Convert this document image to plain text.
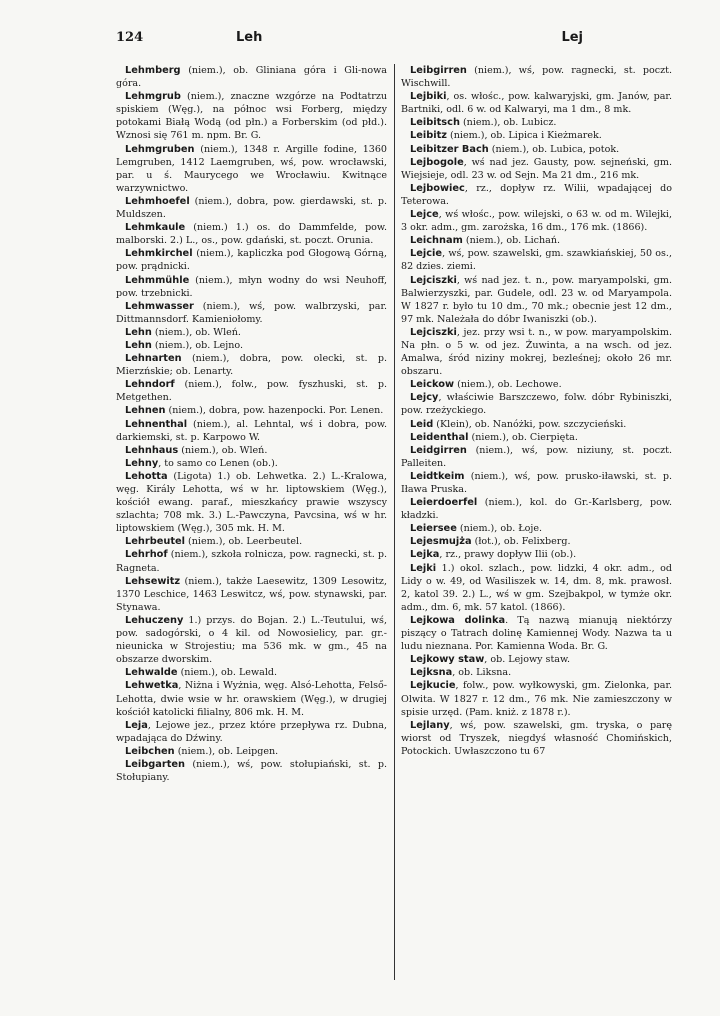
124	Leh	Lej

Lehmberg (niem.), ob. Gliniana góra i Gli-nowa góra.

Lehmgrub (niem.), znaczne wzgórze na Podtatrzu spiskiem (Węg.), na północ wsi Forberg, między potokami Białą Wodą (od płn.) a Forberskim (od płd.). Wznosi się 761 m. npm. Br. G.

Lehmgruben (niem.), 1348 r. Argille fodine, 1360 Lemgruben, 1412 Laemgruben, wś, pow. wrocławski, par. u ś. Maurycego we Wrocławiu. Kwitnące warzywnictwo.

Lehmhoefel (niem.), dobra, pow. gierdawski, st. p. Muldszen.

Lehmkaule (niem.) 1.) os. do Dammfelde, pow. malborski. 2.) L., os., pow. gdański, st. poczt. Orunia.

Lehmkirchel (niem.), kapliczka pod Głogową Górną, pow. prądnicki.

Lehmmühle (niem.), młyn wodny do wsi Neuhoff, pow. trzebnicki.

Lehmwasser (niem.), wś, pow. walbrzyski, par. Dittmannsdorf. Kamieniołomy.

Lehn (niem.), ob. Wleń.

Lehn (niem.), ob. Lejno.

Lehnarten (niem.), dobra, pow. olecki, st. p. Mierzńskie; ob. Lenarty.

Lehndorf (niem.), folw., pow. fyszhuski, st. p. Metgethen.

Lehnen (niem.), dobra, pow. hazenpocki. Por. Lenen.

Lehnenthal (niem.), al. Lehntal, wś i dobra, pow. darkiemski, st. p. Karpowo W.

Lehnhaus (niem.), ob. Wleń.

Lehny, to samo co Lenen (ob.).

Lehotta (Ligota) 1.) ob. Lehwetka. 2.) L.-Kralowa, węg. Király Lehotta, wś w hr. liptowskiem (Węg.), kościół ewang. paraf., mieszkańcy prawie wszyscy szlachta; 708 mk. 3.) L.-Pawczyna, Pavcsina, wś w hr. liptowskiem (Węg.), 305 mk. H. M.

Lehrbeutel (niem.), ob. Leerbeutel.

Lehrhof (niem.), szkoła rolnicza, pow. ragnecki, st. p. Ragneta.

Lehsewitz (niem.), także Laesewitz, 1309 Lesowitz, 1370 Leschice, 1463 Leswitcz, wś, pow. stynawski, par. Stynawa.

Lehuczeny 1.) przys. do Bojan. 2.) L.-Teutului, wś, pow. sadogórski, o 4 kil. od Nowosielicy, par. gr.-nieunicka w Strojestiu; ma 536 mk. w gm., 45 na obszarze dworskim.

Lehwalde (niem.), ob. Lewald.

Lehwetka, Niżna i Wyżnia, węg. Alsó-Lehotta, Felső-Lehotta, dwie wsie w hr. orawskiem (Węg.), w drugiej kościół katolicki filialny, 806 mk. H. M.

Leja, Lejowe jez., przez które przepływa rz. Dubna, wpadająca do Dźwiny.

Leibchen (niem.), ob. Leipgen.

Leibgarten (niem.), wś, pow. stołupiański, st. p. Stołupiany.

Leibgirren (niem.), wś, pow. ragnecki, st. poczt. Wischwill.

Lejbiki, os. włośc., pow. kalwaryjski, gm. Janów, par. Bartniki, odl. 6 w. od Kalwaryi, ma 1 dm., 8 mk.

Leibitsch (niem.), ob. Lubicz.

Leibitz (niem.), ob. Lipica i Kieżmarek.

Leibitzer Bach (niem.), ob. Lubica, potok.

Lejbogole, wś nad jez. Gausty, pow. sejneński, gm. Wiejsieje, odl. 23 w. od Sejn. Ma 21 dm., 216 mk.

Lejbowiec, rz., dopływ rz. Wilii, wpadającej do Teterowa.

Lejce, wś włośc., pow. wilejski, o 63 w. od m. Wilejki, 3 okr. adm., gm. zarożska, 16 dm., 176 mk. (1866).

Leichnam (niem.), ob. Lichań.

Lejcie, wś, pow. szawelski, gm. szawkiańskiej, 50 os., 82 dzies. ziemi.

Lejciszki, wś nad jez. t. n., pow. maryampolski, gm. Balwierzyszki, par. Gudele, odl. 23 w. od Maryampola. W 1827 r. było tu 10 dm., 70 mk.; obecnie jest 12 dm., 97 mk. Należała do dóbr Iwaniszki (ob.).

Lejciszki, jez. przy wsi t. n., w pow. maryampolskim. Na płn. o 5 w. od jez. Żuwinta, a na wsch. od jez. Amalwa, śród niziny mokrej, bezleśnej; około 26 mr. obszaru.

Leickow (niem.), ob. Lechowe.

Lejcy, właściwie Barszczewo, folw. dóbr Rybiniszki, pow. rzeżyckiego.

Leid (Klein), ob. Nanóżki, pow. szczycieński.

Leidenthal (niem.), ob. Cierpięta.

Leidgirren (niem.), wś, pow. niziuny, st. poczt. Palleiten.

Leidtkeim (niem.), wś, pow. prusko-iławski, st. p. Iława Pruska.

Leierdoerfel (niem.), kol. do Gr.-Karlsberg, pow. kładzki.

Leiersee (niem.), ob. Łoje.

Lejesmujża (łot.), ob. Felixberg.

Lejka, rz., prawy dopływ Ilii (ob.).

Lejki 1.) okol. szlach., pow. lidzki, 4 okr. adm., od Lidy o w. 49, od Wasiliszek w. 14, dm. 8, mk. prawosł. 2, katol 39. 2.) L., wś w gm. Szejbakpol, w tymże okr. adm., dm. 6, mk. 57 katol. (1866).

Lejkowa dolinka. Tą nazwą mianują niektórzy piszący o Tatrach dolinę Kamiennej Wody. Nazwa ta u ludu nieznana. Por. Kamienna Woda. Br. G.

Lejkowy staw, ob. Lejowy staw.

Lejksna, ob. Liksna.

Lejkucie, folw., pow. wyłkowyski, gm. Zielonka, par. Olwita. W 1827 r. 12 dm., 76 mk. Nie zamieszczony w spisie urzęd. (Pam. kniż. z 1878 r.).

Lejlany, wś, pow. szawelski, gm. tryska, o parę wiorst od Tryszek, niegdyś własność Chomińskich, Potockich. Uwłaszczono tu 67
